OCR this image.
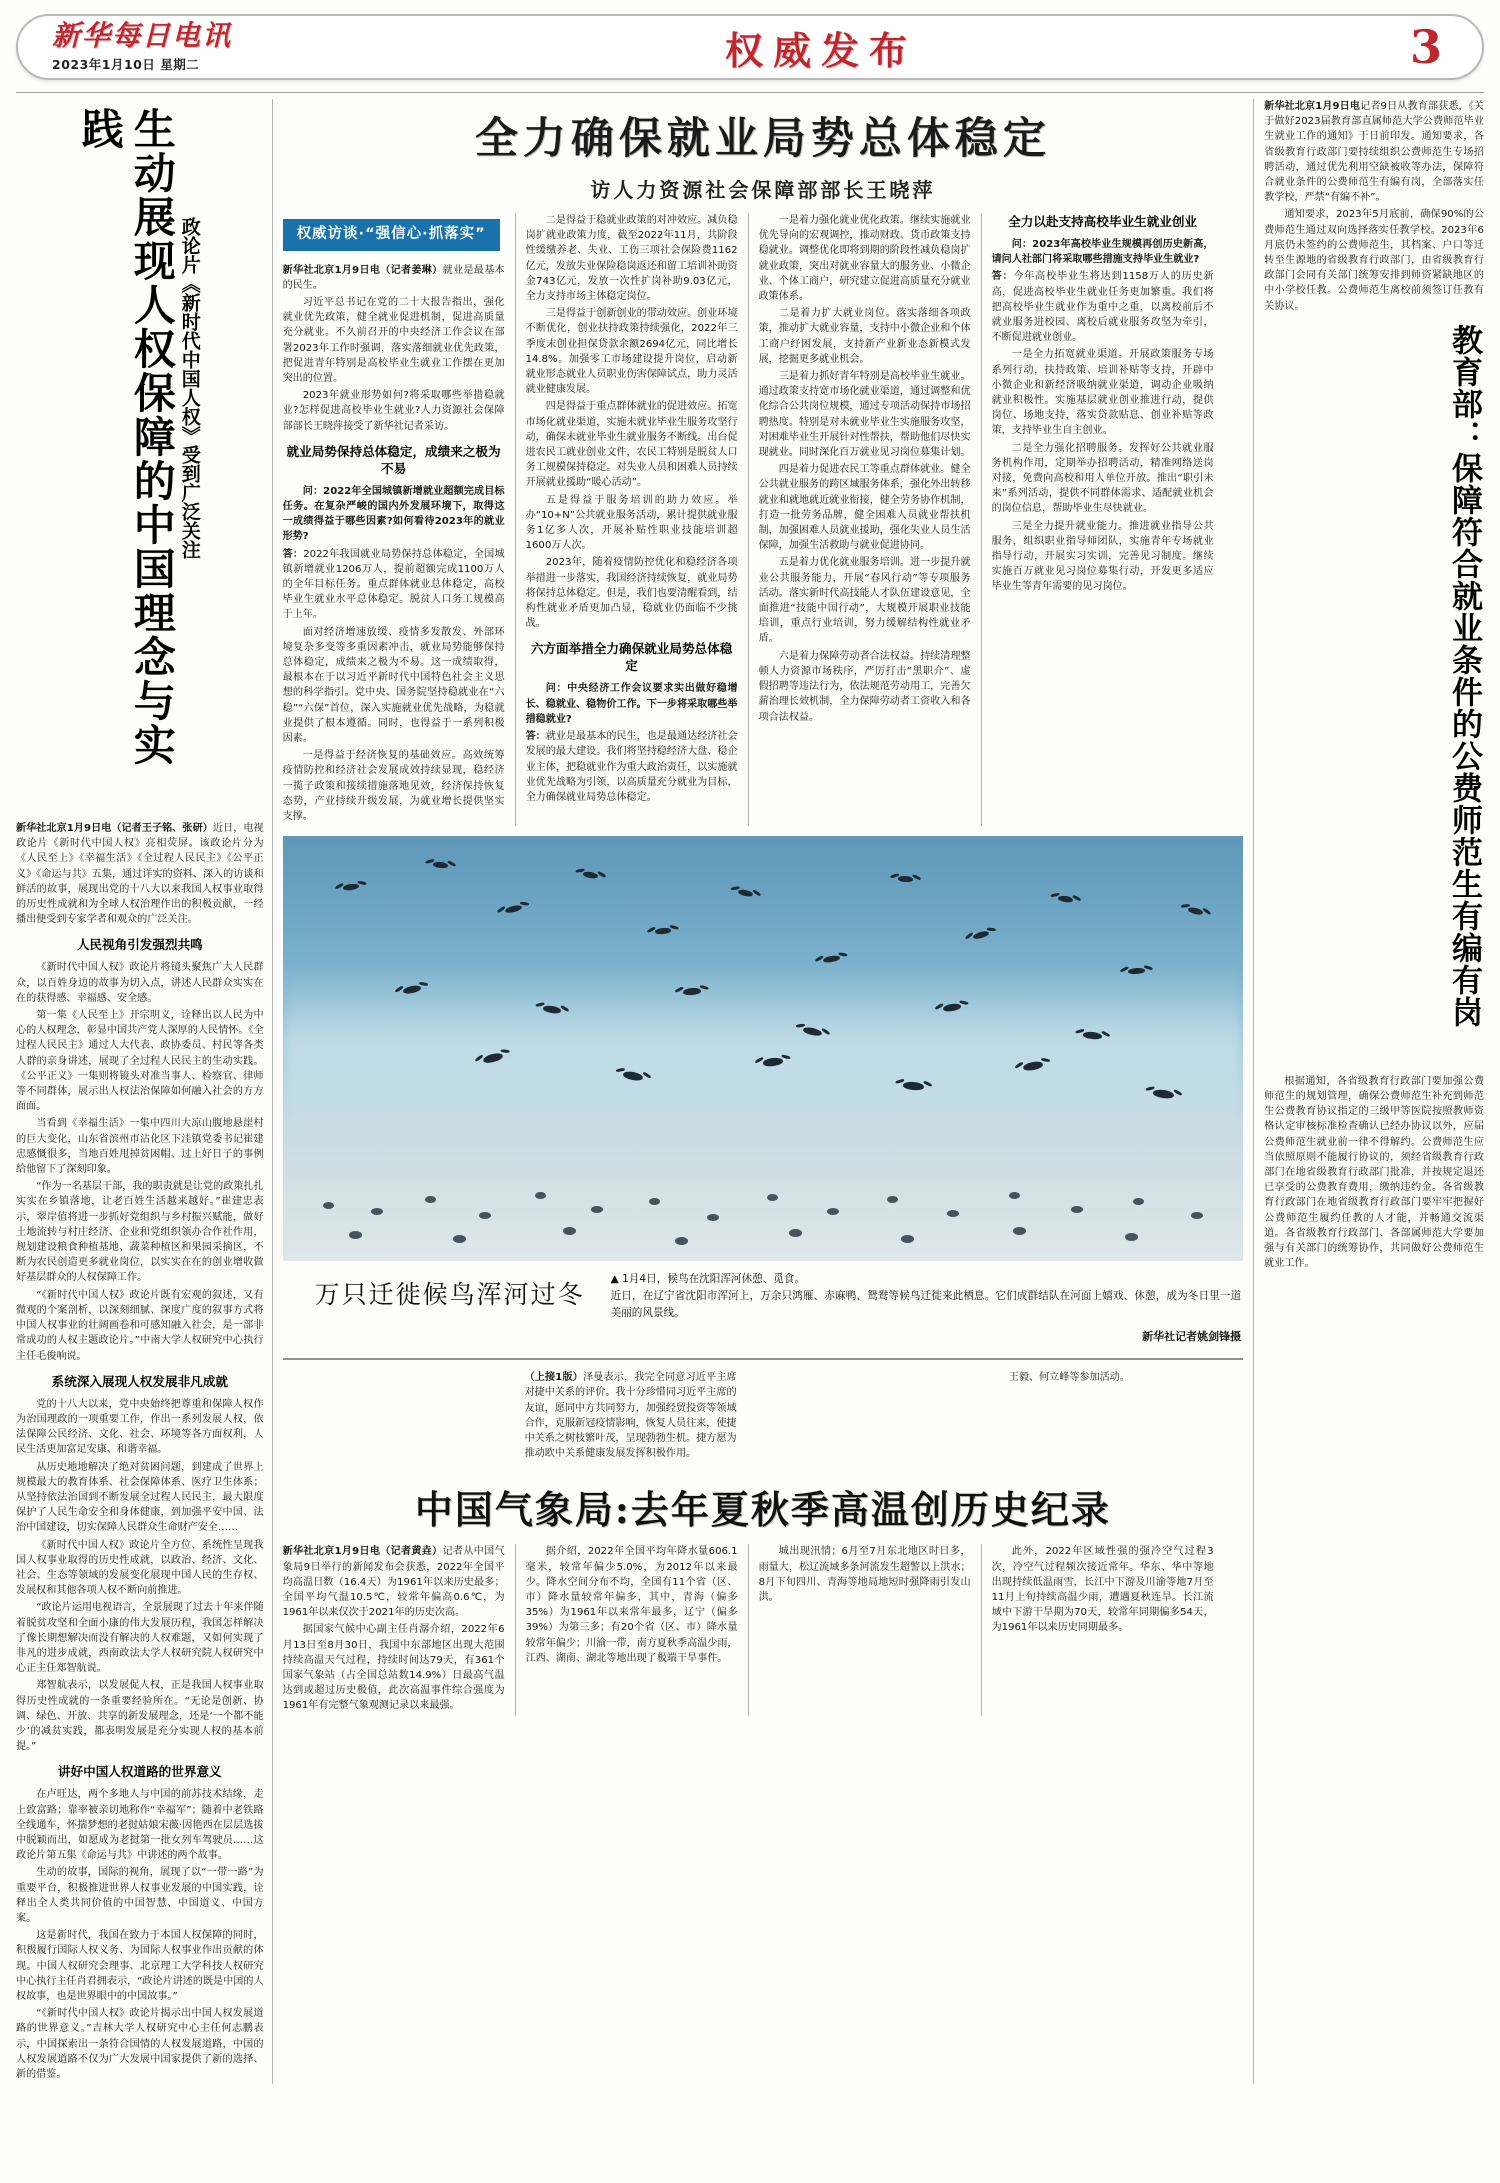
新华每日电讯
2023年1月10日 星期二	权威发布	3
生动展现人权保障的中国理念与实践
政论片《新时代中国人权》受到广泛关注

新华社北京1月9日电（记者王子铭、张研）近日，电视政论片《新时代中国人权》亮相荧屏。该政论片分为《人民至上》《幸福生活》《全过程人民民主》《公平正义》《命运与共》五集，通过详实的资料、深入的访谈和鲜活的故事，展现出党的十八大以来我国人权事业取得的历史性成就和为全球人权治理作出的积极贡献，一经播出便受到专家学者和观众的广泛关注。

人民视角引发强烈共鸣

《新时代中国人权》政论片将镜头聚焦广大人民群众，以百姓身边的故事为切入点，讲述人民群众实实在在的获得感、幸福感、安全感。

第一集《人民至上》开宗明义，诠释出以人民为中心的人权理念，彰显中国共产党人深厚的人民情怀。《全过程人民民主》通过人大代表、政协委员、村民等各类人群的亲身讲述，展现了全过程人民民主的生动实践。《公平正义》一集则将镜头对准当事人、检察官、律师等不同群体，展示出人权法治保障如何融入社会的方方面面。

当看到《幸福生活》一集中四川大凉山腹地悬崖村的巨大变化，山东省滨州市沾化区下洼镇党委书记崔建忠感慨很多，当地百姓甩掉贫困帽、过上好日子的事例给他留下了深刻印象。

“作为一名基层干部，我的职责就是让党的政策扎扎实实在乡镇落地，让老百姓生活越来越好。”崔建忠表示，翠岸值将进一步抓好党组织与乡村振兴赋能，做好土地流转与村庄经济、企业和党组织领办合作社作用，规划建设粮食种植基地、蔬菜种植区和果园采摘区，不断为农民创造更多就业岗位，以实实在在的创业增收做好基层群众的人权保障工作。

“《新时代中国人权》政论片既有宏观的叙述，又有微观的个案剖析，以深刻细腻、深度广度的叙事方式将中国人权事业的壮阔画卷和可感知融入社会，是一部非常成功的人权主题政论片。”中南大学人权研究中心执行主任毛俊响说。

系统深入展现人权发展非凡成就

党的十八大以来，党中央始终把尊重和保障人权作为治国理政的一项重要工作，作出一系列发展人权，依法保障公民经济、文化、社会、环境等各方面权利，人民生活更加富足安康、和谐幸福。

从历史地地解决了绝对贫困问题，到建成了世界上规模最大的教育体系、社会保障体系、医疗卫生体系；从坚持依法治国到不断发展全过程人民民主，最大限度保护了人民生命安全和身体健康，到加强平安中国、法治中国建设，切实保障人民群众生命财产安全……

《新时代中国人权》政论片全方位、系统性呈现我国人权事业取得的历史性成就，以政治、经济、文化、社会、生态等领域的发展变化展现中国人民的生存权、发展权和其他各项人权不断向前推进。

“政论片运用电视语言，全景展现了过去十年来伴随着脱贫攻坚和全面小康的伟大发展历程，我国怎样解决了像长期想解决而没有解决的人权难题，又如何实现了非凡的进步成就，西南政法大学人权研究院人权研究中心正主任郑智航说。

郑智航表示，以发展促人权，正是我国人权事业取得历史性成就的一条重要经验所在。“无论是创新、协调、绿色、开放、共享的新发展理念，还是‘一个都不能少’的减贫实践，都表明发展是充分实现人权的基本前提。”

讲好中国人权道路的世界意义

在卢旺达，两个多地人与中国的前苏技术结缘，走上致富路；靠率被亲切地称作“幸福军”；随着中老铁路全线通车，怀揣梦想的老挝姑娘宋薇·因艳西在层层选拔中脱颖而出，如愿成为老挝第一批女列车驾驶员……这政论片第五集《命运与共》中讲述的两个故事。

生动的故事，国际的视角，展现了以“一带一路”为重要平台，积极推进世界人权事业发展的中国实践，诠释出全人类共同价值的中国智慧、中国道义、中国方案。

这是新时代，我国在致力于本国人权保障的同时，积极履行国际人权义务、为国际人权事业作出贡献的体现。中国人权研究会理事、北京理工大学科技人权研究中心执行主任肖君拥表示，“政论片讲述的既是中国的人权故事，也是世界眼中的中国故事。”

“《新时代中国人权》政论片揭示出中国人权发展道路的世界意义。”吉林大学人权研究中心主任何志鹏表示，中国探索出一条符合国情的人权发展道路，中国的人权发展道路不仅为广大发展中国家提供了新的选择、新的借鉴。

全力确保就业局势总体稳定
访人力资源社会保障部部长王晓萍
权威访谈·“强信心·抓落实”

新华社北京1月9日电（记者姜琳）就业是最基本的民生。

习近平总书记在党的二十大报告指出，强化就业优先政策，健全就业促进机制，促进高质量充分就业。不久前召开的中央经济工作会议在部署2023年工作时强调，落实落细就业优先政策，把促进青年特别是高校毕业生就业工作摆在更加突出的位置。

2023年就业形势如何?将采取哪些举措稳就业?怎样促进高校毕业生就业?人力资源社会保障部部长王晓萍接受了新华社记者采访。

就业局势保持总体稳定，成绩来之极为不易

问：2022年全国城镇新增就业超额完成目标任务。在复杂严峻的国内外发展环境下，取得这一成绩得益于哪些因素?如何看待2023年的就业形势?

答：2022年我国就业局势保持总体稳定，全国城镇新增就业1206万人，提前超额完成1100万人的全年目标任务。重点群体就业总体稳定，高校毕业生就业水平总体稳定。脱贫人口务工规模高于上年。

面对经济增速放缓、疫情多发散发、外部环境复杂多变等多重因素冲击，就业局势能够保持总体稳定，成绩来之极为不易。这一成绩取得，最根本在于以习近平新时代中国特色社会主义思想的科学指引。党中央、国务院坚持稳就业在“六稳”“六保”首位，深入实施就业优先战略，为稳就业提供了根本遵循。同时，也得益于一系列积极因素。

一是得益于经济恢复的基础效应。高效统筹疫情防控和经济社会发展成效持续显现，稳经济一揽子政策和接续措施落地见效，经济保持恢复态势，产业持续升级发展，为就业增长提供坚实支撑。

二是得益于稳就业政策的对冲效应。减负稳岗扩就业政策力度，截至2022年11月，共阶段性缓缴养老、失业、工伤三项社会保险费1162亿元，发放失业保险稳岗返还和留工培训补助资金743亿元，发放一次性扩岗补助9.03亿元，全力支持市场主体稳定岗位。

三是得益于创新创业的带动效应。创业环境不断优化，创业扶持政策持续强化，2022年三季度末创业担保贷款余额2694亿元，同比增长14.8%。加强零工市场建设提升岗位，启动新就业形态就业人员职业伤害保障试点，助力灵活就业健康发展。

四是得益于重点群体就业的促进效应。拓宽市场化就业渠道，实施未就业毕业生服务攻坚行动，确保未就业毕业生就业服务不断线。出台促进农民工就业创业文件，农民工特别是脱贫人口务工规模保持稳定。对失业人员和困难人员持续开展就业援助“暖心活动”。

五是得益于服务培训的助力效应。举办“10+N”公共就业服务活动，累计提供就业服务1亿多人次，开展补贴性职业技能培训超1600万人次。

2023年，随着疫情防控优化和稳经济各项举措进一步落实，我国经济持续恢复，就业局势将保持总体稳定。但是，我们也要清醒看到，结构性就业矛盾更加凸显，稳就业仍面临不少挑战。

六方面举措全力确保就业局势总体稳定

问：中央经济工作会议要求实出做好稳增长、稳就业、稳物价工作。下一步将采取哪些举措稳就业?

答：就业是最基本的民生，也是最通达经济社会发展的最大建设。我们将坚持稳经济大盘、稳企业主体，把稳就业作为重大政治责任，以实施就业优先战略为引领，以高质量充分就业为目标，全力确保就业局势总体稳定。

一是着力强化就业优化政策。继续实施就业优先导向的宏观调控，推动财政、货币政策支持稳就业。调整优化即将到期的阶段性减负稳岗扩就业政策，突出对就业容量大的服务业、小微企业、个体工商户，研究建立促进高质量充分就业政策体系。

二是着力扩大就业岗位。落实落细各项政策，推动扩大就业容量，支持中小微企业和个体工商户纾困发展，支持新产业新业态新模式发展，挖掘更多就业机会。

三是着力抓好青年特别是高校毕业生就业。通过政策支持宽市场化就业渠道，通过调整和优化综合公共岗位规模，通过专项活动保持市场招聘热度。特别是对未就业毕业生实施服务攻坚，对困难毕业生开展针对性帮扶，帮助他们尽快实现就业。同时深化百万就业见习岗位募集计划。

四是着力促进农民工等重点群体就业。健全公共就业服务的跨区域服务体系，强化外出转移就业和就地就近就业衔接，健全劳务协作机制，打造一批劳务品牌，健全困难人员就业帮扶机制，加强困难人员就业援助，强化失业人员生活保障，加强生活救助与就业促进协同。

五是着力优化就业服务培训。进一步提升就业公共服务能力，开展“春风行动”等专项服务活动。落实新时代高技能人才队伍建设意见，全面推进“技能中国行动”，大规模开展职业技能培训，重点行业培训，努力缓解结构性就业矛盾。

六是着力保障劳动者合法权益。持续清理整顿人力资源市场秩序，严厉打击“黑职介”、虚假招聘等违法行为，依法规范劳动用工，完善欠薪治理长效机制，全力保障劳动者工资收入和各项合法权益。

全力以赴支持高校毕业生就业创业

问：2023年高校毕业生规模再创历史新高，请问人社部门将采取哪些措施支持毕业生就业?

答：今年高校毕业生将达到1158万人的历史新高，促进高校毕业生就业任务更加繁重。我们将把高校毕业生就业作为重中之重，以离校前后不就业服务进校园、离校后就业服务攻坚为牵引，不断促进就业创业。

一是全力拓宽就业渠道。开展政策服务专场系列行动，扶持政策、培训补贴等支持，开辟中小微企业和新经济吸纳就业渠道，调动企业吸纳就业积极性。实施基层就业创业推进行动，提供岗位、场地支持，落实贷款贴息、创业补贴等政策，支持毕业生自主创业。

二是全力强化招聘服务。发挥好公共就业服务机构作用，定期举办招聘活动，精准网络送岗对接，免费向高校和用人单位开放。推出“职引未来”系列活动，提供不同群体需求、适配就业机会的岗位信息，帮助毕业生尽快就业。

三是全力提升就业能力。推进就业指导公共服务，组织职业指导师团队，实施青年专场就业指导行动，开展实习实训，完善见习制度。继续实施百万就业见习岗位募集行动，开发更多适应毕业生等青年需要的见习岗位。

万只迁徙候鸟浑河过冬
▲ 1月4日，候鸟在沈阳浑河休憩、觅食。
近日，在辽宁省沈阳市浑河上，万余只鸿雁、赤麻鸭、鸳鸯等候鸟迁徙来此栖息。它们成群结队在河面上嬉戏、休憩，成为冬日里一道美丽的风景线。
新华社记者姚剑锋摄

（上接1版）泽曼表示，我完全同意习近平主席对捷中关系的评价。我十分珍惜同习近平主席的友谊，愿同中方共同努力，加强经贸投资等领域合作，克服新冠疫情影响，恢复人员往来，使捷中关系之树枝繁叶茂，呈现勃勃生机。捷方愿为推动欧中关系健康发展发挥积极作用。

王毅、何立峰等参加活动。

中国气象局:去年夏秋季高温创历史纪录

新华社北京1月9日电（记者黄垚）记者从中国气象局9日举行的新闻发布会获悉，2022年全国平均高温日数（16.4天）为1961年以来历史最多；全国平均气温10.5℃，较常年偏高0.6℃，为1961年以来仅次于2021年的历史次高。

据国家气候中心副主任肖潺介绍，2022年6月13日至8月30日，我国中东部地区出现大范围持续高温天气过程，持续时间达79天，有361个国家气象站（占全国总站数14.9%）日最高气温达到或超过历史极值，此次高温事件综合强度为1961年有完整气象观测记录以来最强。

据介绍，2022年全国平均年降水量606.1毫米，较常年偏少5.0%，为2012年以来最少。降水空间分布不均，全国有11个省（区、市）降水量较常年偏多，其中，青海（偏多35%）为1961年以来常年最多，辽宁（偏多39%）为第三多；有20个省（区、市）降水量较常年偏少；川渝一带，南方夏秋季高温少雨，江西、湖南、湖北等地出现了极端干旱事件。

城出现汛情；6月至7月东北地区时日多，雨量大，松辽流域多条河流发生超警以上洪水；8月下旬四川、青海等地局地短时强降雨引发山洪。

此外，2022年区域性强的强冷空气过程3次，冷空气过程频次接近常年。华东、华中等地出现持续低温雨雪，长江中下游及川渝等地7月至11月上旬持续高温少雨，遭遇夏秋连旱。长江流域中下游干旱期为70天，较常年同期偏多54天，为1961年以来历史同期最多。

新华社北京1月9日电记者9日从教育部获悉，《关于做好2023届教育部直属师范大学公费师范毕业生就业工作的通知》于日前印发。通知要求，各省级教育行政部门要持续组织公费师范生专场招聘活动，通过优先利用空缺被收等办法，保障符合就业条件的公费师范生有编有岗，全部落实任教学校，严禁“有编不补”。

通知要求，2023年5月底前，确保90%的公费师范生通过双向选择落实任教学校。2023年6月底仍未签约的公费师范生，其档案、户口等迁转至生源地的省级教育行政部门，由省级教育行政部门会同有关部门统筹安排到师资紧缺地区的中小学校任教。公费师范生离校前须签订任教有关协议。

教育部：保障符合就业条件的公费师范生有编有岗

根据通知，各省级教育行政部门要加强公费师范生的规划管理，确保公费师范生补充到师范生公费教育协议指定的三级甲等医院按照教师资格认定审核标准检查确认已经办协议以外，应届公费师范生就业前一律不得解约。公费师范生应当依照原则不能履行协议的，须经省级教育行政部门在地省级教育行政部门批准，并按规定退还已享受的公费教育费用，缴纳违约金。各省级教育行政部门在地省级教育行政部门要牢牢把握好公费师范生履约任教的人才能，并畅通交流渠道。各省级教育行政部门、各部属师范大学要加强与有关部门的统筹协作，共同做好公费师范生就业工作。
